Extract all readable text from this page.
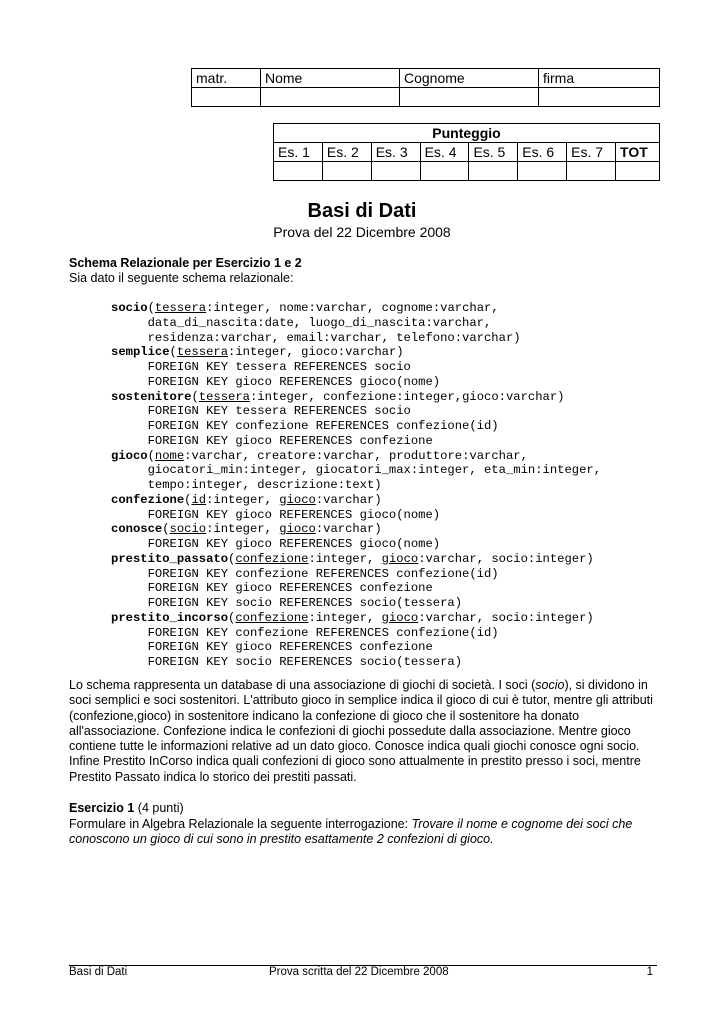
matr.	Nome	Cognome	firma

Punteggio							
Es. 1	Es. 2	Es. 3	Es. 4	Es. 5	Es. 6	Es. 7	TOT

Basi di Dati
Prova del 22 Dicembre 2008
Schema Relazionale per Esercizio 1 e 2
Sia dato il seguente schema relazionale:
socio(tessera:integer, nome:varchar, cognome:varchar,
data_di_nascita:date, luogo_di_nascita:varchar,
residenza:varchar, email:varchar, telefono:varchar)
semplice(tessera:integer, gioco:varchar)
FOREIGN KEY tessera REFERENCES socio
FOREIGN KEY gioco REFERENCES gioco(nome)
sostenitore(tessera:integer, confezione:integer,gioco:varchar)
FOREIGN KEY tessera REFERENCES socio
FOREIGN KEY confezione REFERENCES confezione(id)
FOREIGN KEY gioco REFERENCES confezione
gioco(nome:varchar, creatore:varchar, produttore:varchar,
giocatori_min:integer, giocatori_max:integer, eta_min:integer,
tempo:integer, descrizione:text)
confezione(id:integer, gioco:varchar)
FOREIGN KEY gioco REFERENCES gioco(nome)
conosce(socio:integer, gioco:varchar)
FOREIGN KEY gioco REFERENCES gioco(nome)
prestito_passato(confezione:integer, gioco:varchar, socio:integer)
FOREIGN KEY confezione REFERENCES confezione(id)
FOREIGN KEY gioco REFERENCES confezione
FOREIGN KEY socio REFERENCES socio(tessera)
prestito_incorso(confezione:integer, gioco:varchar, socio:integer)
FOREIGN KEY confezione REFERENCES confezione(id)
FOREIGN KEY gioco REFERENCES confezione
FOREIGN KEY socio REFERENCES socio(tessera)
Lo schema rappresenta un database di una associazione di giochi di società. I soci (socio), si dividono in soci semplici e soci sostenitori. L'attributo gioco in semplice indica il gioco di cui è tutor, mentre gli attributi (confezione,gioco) in sostenitore indicano la confezione di gioco che il sostenitore ha donato all'associazione. Confezione indica le confezioni di giochi possedute dalla associazione. Mentre gioco contiene tutte le informazioni relative ad un dato gioco. Conosce indica quali giochi conosce ogni socio. Infine Prestito InCorso indica quali confezioni di gioco sono attualmente in prestito presso i soci, mentre Prestito Passato indica lo storico dei prestiti passati.
Esercizio 1 (4 punti)
Formulare in Algebra Relazionale la seguente interrogazione: Trovare il nome e cognome dei soci che conoscono un gioco di cui sono in prestito esattamente 2 confezioni di gioco.
Basi di Dati	Prova scritta del 22 Dicembre 2008	1
